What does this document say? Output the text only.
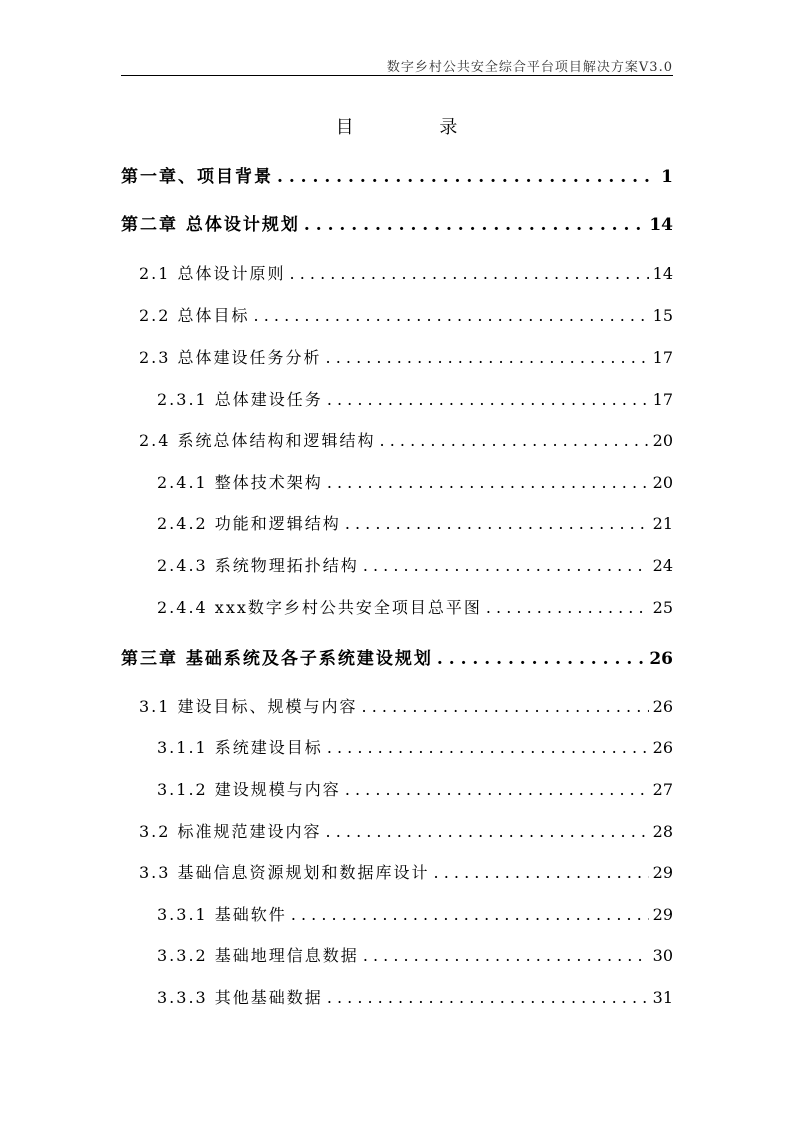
数字乡村公共安全综合平台项目解决方案V3.0
目 录
第一章、项目背景 . . .	1
第二章 总体设计规划 . . .	14
2.1 总体设计原则 . . .	14
2.2 总体目标 . . .	15
2.3 总体建设任务分析 . . .	17
2.3.1 总体建设任务 . . .	17
2.4 系统总体结构和逻辑结构 . . .	20
2.4.1 整体技术架构 . . .	20
2.4.2 功能和逻辑结构 . . .	21
2.4.3 系统物理拓扑结构 . . .	24
2.4.4 xxx数字乡村公共安全项目总平图 . . .	25
第三章 基础系统及各子系统建设规划 . . .	26
3.1 建设目标、规模与内容 . . .	26
3.1.1 系统建设目标 . . .	26
3.1.2 建设规模与内容 . . .	27
3.2 标准规范建设内容 . . .	28
3.3 基础信息资源规划和数据库设计 . . .	29
3.3.1 基础软件 . . .	29
3.3.2 基础地理信息数据 . . .	30
3.3.3 其他基础数据 . . .	31
